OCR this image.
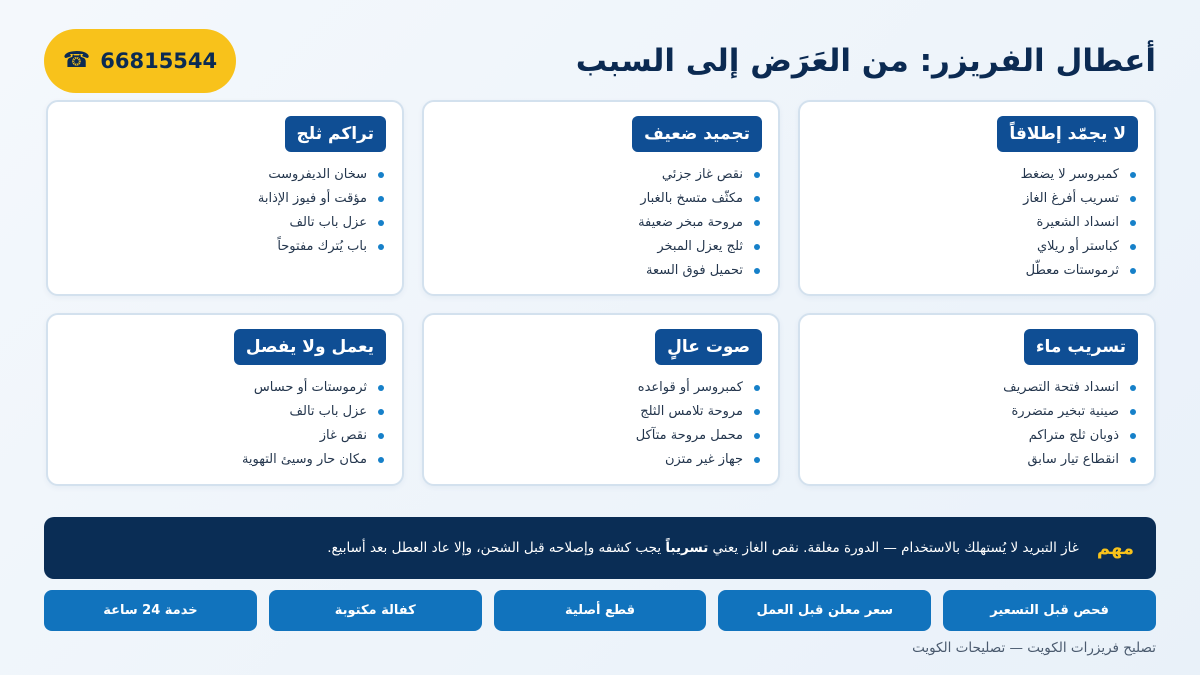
أعطال الفريزر: من العَرَض إلى السبب
☎ 66815544
لا يجمّد إطلاقاً
كمبروسر لا يضغط
تسريب أفرغ الغاز
انسداد الشعيرة
كباستر أو ريلاي
ثرموستات معطّل
تجميد ضعيف
نقص غاز جزئي
مكثّف متسخ بالغبار
مروحة مبخر ضعيفة
ثلج يعزل المبخر
تحميل فوق السعة
تراكم ثلج
سخان الديفروست
مؤقت أو فيوز الإذابة
عزل باب تالف
باب يُترك مفتوحاً
تسريب ماء
انسداد فتحة التصريف
صينية تبخير متضررة
ذوبان ثلج متراكم
انقطاع تيار سابق
صوت عالٍ
كمبروسر أو قواعده
مروحة تلامس الثلج
محمل مروحة متآكل
جهاز غير متزن
يعمل ولا يفصل
ثرموستات أو حساس
عزل باب تالف
نقص غاز
مكان حار وسيئ التهوية
مهم

غاز التبريد لا يُستهلك بالاستخدام — الدورة مغلقة. نقص الغاز يعني تسريباً يجب كشفه وإصلاحه قبل الشحن، وإلا عاد العطل بعد أسابيع.

فحص قبل التسعير
سعر معلن قبل العمل
قطع أصلية
كفالة مكتوبة
خدمة 24 ساعة
تصليح فريزرات الكويت — تصليحات الكويت
